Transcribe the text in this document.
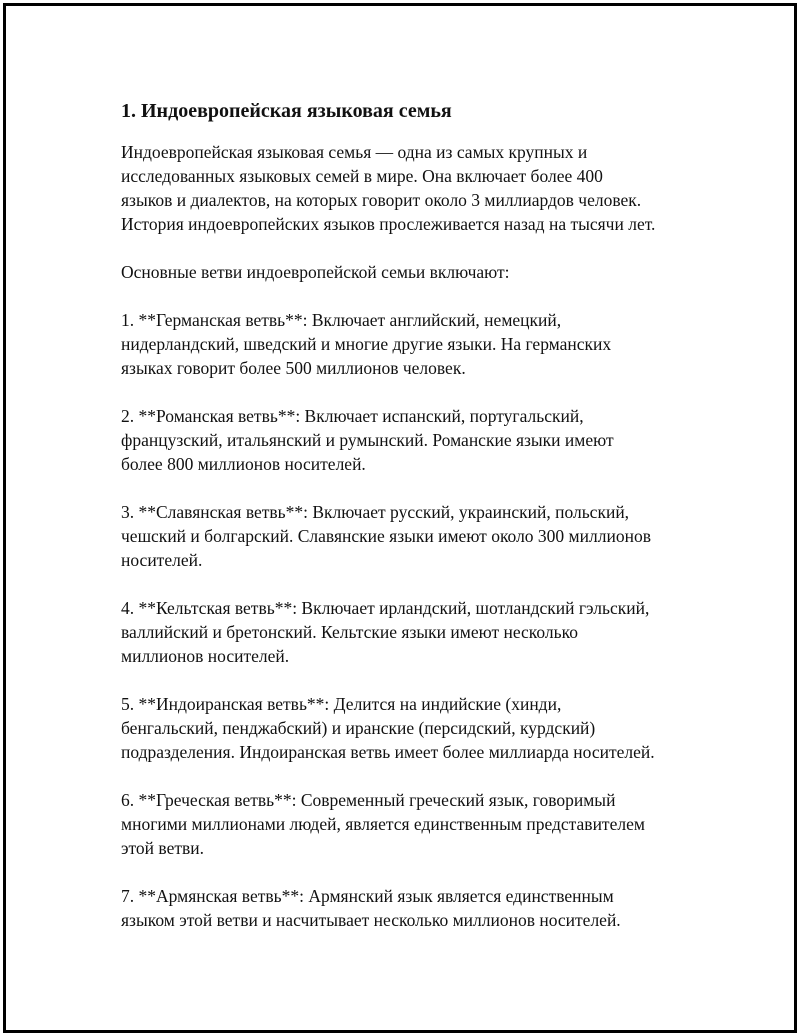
1. Индоевропейская языковая семья

Индоевропейская языковая семья — одна из самых крупных и
исследованных языковых семей в мире. Она включает более 400
языков и диалектов, на которых говорит около 3 миллиардов человек.
История индоевропейских языков прослеживается назад на тысячи лет.

Основные ветви индоевропейской семьи включают:

1. **Германская ветвь**: Включает английский, немецкий,
нидерландский, шведский и многие другие языки. На германских
языках говорит более 500 миллионов человек.

2. **Романская ветвь**: Включает испанский, португальский,
французский, итальянский и румынский. Романские языки имеют
более 800 миллионов носителей.

3. **Славянская ветвь**: Включает русский, украинский, польский,
чешский и болгарский. Славянские языки имеют около 300 миллионов
носителей.

4. **Кельтская ветвь**: Включает ирландский, шотландский гэльский,
валлийский и бретонский. Кельтские языки имеют несколько
миллионов носителей.

5. **Индоиранская ветвь**: Делится на индийские (хинди,
бенгальский, пенджабский) и иранские (персидский, курдский)
подразделения. Индоиранская ветвь имеет более миллиарда носителей.

6. **Греческая ветвь**: Современный греческий язык, говоримый
многими миллионами людей, является единственным представителем
этой ветви.

7. **Армянская ветвь**: Армянский язык является единственным
языком этой ветви и насчитывает несколько миллионов носителей.
